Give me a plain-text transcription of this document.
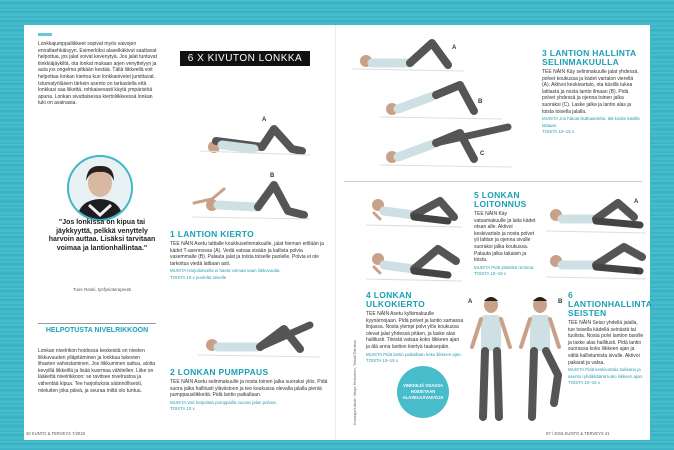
Lonkkajumppaliikkeet sopivat myös vaivojen ennaltaehkäisyyn. Esimerkiksi alaselkäkivut saattavat helpottua, jos jalat voivat kevenytyä. Jos jalat tuntuvat tiinkkiäjäykiltä, ota lonkat mukaan arjen venyttelyyn ja auta jos ongelma pitkään kestää. Tällä liikkeellä voit helpottaa lonkan kiertoa kun lonkkanivelet jumittavat. Istumatyöläisen tärkein asento on tarkastella että lonkkasi saa liikettä, rohkaisevasti käytä ympäristöä apuna. Lonkan sivuttaisessa kiertoliikkeessä lonkan tuki on avainasia.

"Jos lonkissa on kipua tai jäykkyyttä, pelkkä venyttely harvoin auttaa. Lisäksi tarvitaan voimaa ja lantionhallintaa."

Tuire Ranki, työfysioterapeutti

HELPOTUSTA NIVELRIKKOON

Lonkan nivelrikon hoidossa keskeistä on nivelen liikkuvuuden ylläpitäminen ja lonkkaa tukevien lihasten vahvistaminen. Jos liikkuminen sattuu, aloita kevyillä liikkeillä ja lisää kuormaa vähitellen. Liike on lääkettä nivelrikkoon: se ravitsee nivelrustoa ja vähentää kipua. Tee harjoituksia säännöllisesti, mieluiten joka päivä, ja seuraa miltä olo tuntuu.

6 X KIVUTON LONKKA
A
B
1 LANTION KIERTO

TEE NÄIN Asetu lattialle koukkuselinmakuulle, jalat hieman erillään ja kädet T-asennossa (A). Vedä vatsaa sisään ja kallista polvia vasemmalle (B). Palauta jalat ja toista toiselle puolelle. Polvia ei ole tarkoitus viedä lattiaan asti.

MUISTA Harjoituksella ei haeta voimaa vaan liikkuvuutta.

TOISTA 10 x puolelta toiselle

2 LONKAN PUMPPAUS

TEE NÄIN Asetu selinmakuulle ja nosta toinen jalka suoraksi ylös. Pidä suora jalka hallitusti yläviistoon ja tee koukussa olevalla jalalla pieniä pumppausliikkeitä. Pidä lantio paikallaan.

MUISTA Voit helpottaa pumppailla suoran jalan polvea.

TOISTA 10 x

40 KUNTO & TERVEYS 7/2018
A
B
C
3 LANTION HALLINTA SELINMAKUULLA

TEE NÄIN Käy selinmakuulle jalat yhdessä, polvet koukussa ja kädet vartalon vierellä (A). Aktivoi keskivartalo, ota käsillä tukea lattiasta ja nosta lantio ilmaan (B). Pidä polvet yhdessä ja ojenna toinen jalka suoraksi (C). Laske jalka ja lantio alas ja toista toisella jalalla.

MUISTA Jos haluat lisähaastetta, älä koske käsillä lattiaan.

TOISTA 10–15 x

4 LONKAN ULKOKIERTO

TEE NÄIN Asetu kylkimakuulle kyynärnojaan. Pidä polvet ja lantio samassa linjassa. Nosta ylempi polvi ylös koukussa olevat jalat yhdessä pitäen, ja laske alas hallitusti. Tiivistä vatsaa koko liikkeen ajan ja älä anna lantion kiertyä taaksepäin.

MUISTA Pidä lantio paikallaan koko liikkeen ajan.

TOISTA 10–15 x

Kuvaaja/Lähde: Minja Heinonen, Teksti/Toimitus
5 LONKAN LOITONNUS

TEE NÄIN Käy vatsamakuulle ja laita kädet otsan alle. Aktivoi keskivartalo ja nosta polvet yli lattian ja ojenna sivulle suoraksi jalka koukussa. Palauta jalka takaisin ja toista.

MUISTA Pidä yläselkä rentona.

TOISTA 10–15 x

A
B
A	B
6 LANTIONHALLINTA SEISTEN

TEE NÄIN Seiso yhdellä jalalla, tue toisella kädellä seinästä tai tuolista. Nosta polvi lantion tasolle ja laske alas hallitusti. Pidä lantio suorassa koko liikkeen ajan ja vältä kallistumista sivulle. Aktivoi pakarat ja vatsa.

MUISTA Pidä keskivartalo tiukkana ja asento ryhdikkäänä koko liikkeen ajan.

TOISTA 10–15 x

07 / 2018 KUNTO & TERVEYS 41
VINKKEJÄ OSASSA HOIDETAAN ALASELKÄVAIVOJA
